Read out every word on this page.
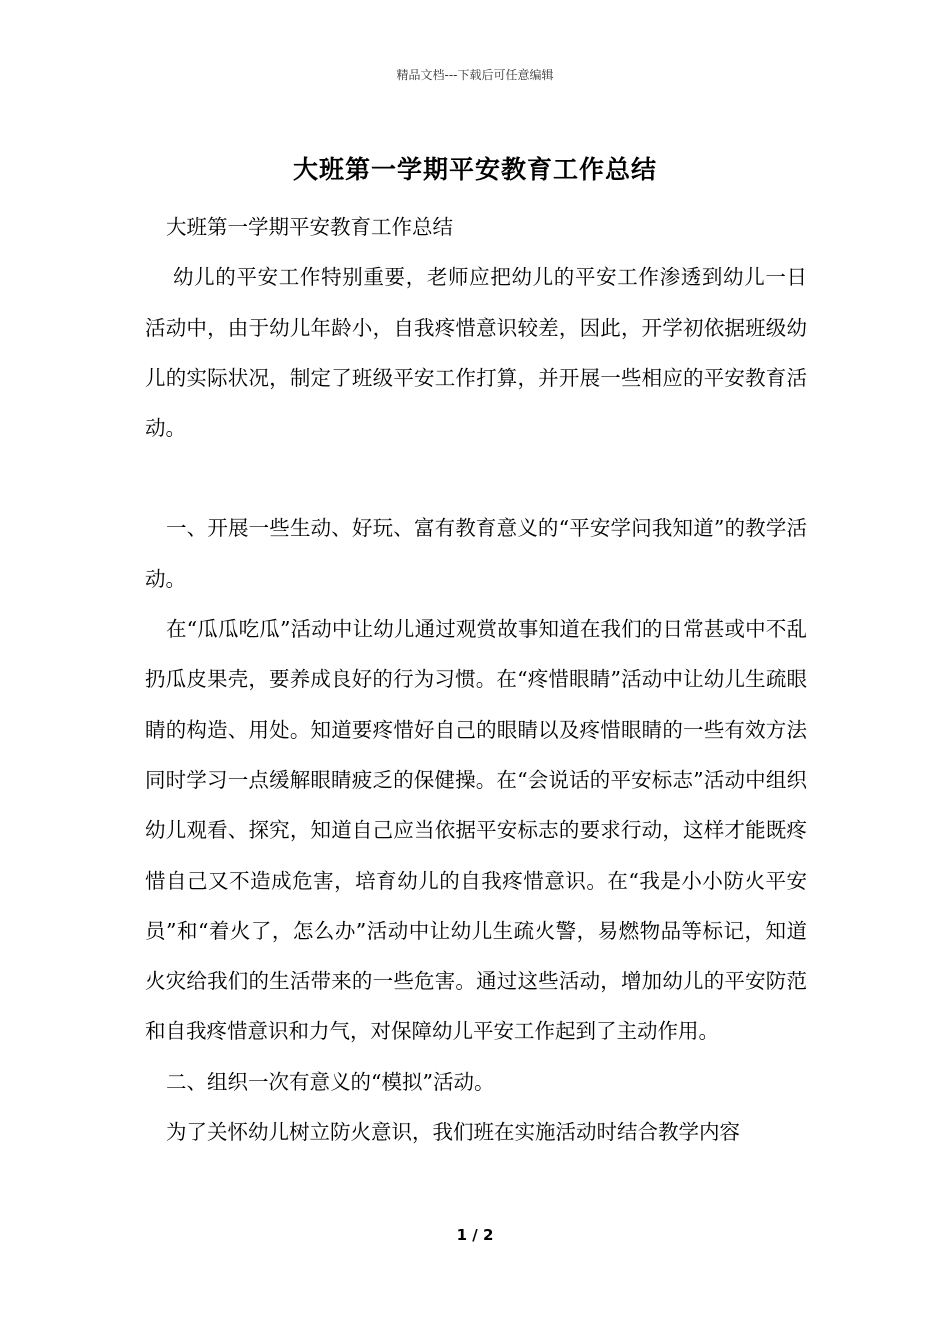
精品文档---下载后可任意编辑
大班第一学期平安教育工作总结

大班第一学期平安教育工作总结

幼儿的平安工作特别重要，老师应把幼儿的平安工作渗透到幼儿一日活动中，由于幼儿年龄小，自我疼惜意识较差，因此，开学初依据班级幼儿的实际状况，制定了班级平安工作打算，并开展一些相应的平安教育活动。

一、开展一些生动、好玩、富有教育意义的“平安学问我知道”的教学活动。

在“瓜瓜吃瓜”活动中让幼儿通过观赏故事知道在我们的日常甚或中不乱扔瓜皮果壳，要养成良好的行为习惯。在“疼惜眼睛”活动中让幼儿生疏眼睛的构造、用处。知道要疼惜好自己的眼睛以及疼惜眼睛的一些有效方法同时学习一点缓解眼睛疲乏的保健操。在“会说话的平安标志”活动中组织幼儿观看、探究，知道自己应当依据平安标志的要求行动，这样才能既疼惜自己又不造成危害，培育幼儿的自我疼惜意识。在“我是小小防火平安员”和“着火了，怎么办”活动中让幼儿生疏火警，易燃物品等标记，知道火灾给我们的生活带来的一些危害。通过这些活动，增加幼儿的平安防范和自我疼惜意识和力气，对保障幼儿平安工作起到了主动作用。

二、组织一次有意义的“模拟”活动。

为了关怀幼儿树立防火意识，我们班在实施活动时结合教学内容

1 / 2
